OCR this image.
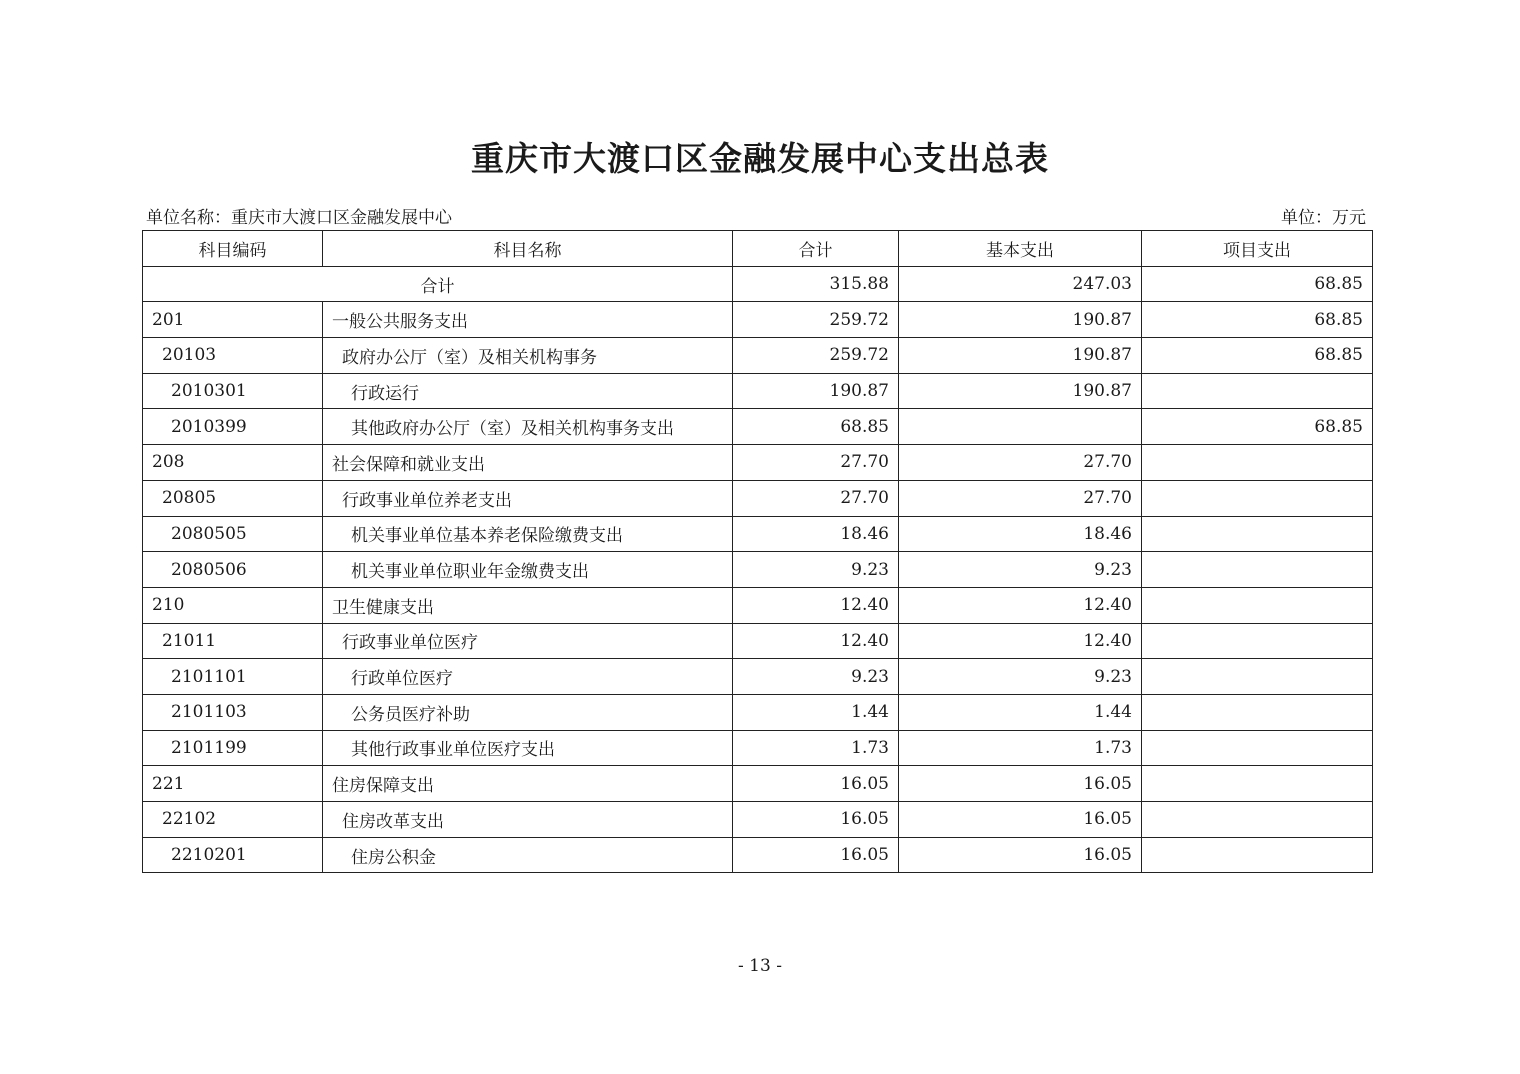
重庆市大渡口区金融发展中心支出总表
单位名称：重庆市大渡口区金融发展中心	单位：万元
科目编码	科目名称	合计	基本支出	项目支出
合计		315.88	247.03	68.85
201	一般公共服务支出	259.72	190.87	68.85
20103	政府办公厅（室）及相关机构事务	259.72	190.87	68.85
2010301	行政运行	190.87	190.87	
2010399	其他政府办公厅（室）及相关机构事务支出	68.85		68.85
208	社会保障和就业支出	27.70	27.70	
20805	行政事业单位养老支出	27.70	27.70	
2080505	机关事业单位基本养老保险缴费支出	18.46	18.46	
2080506	机关事业单位职业年金缴费支出	9.23	9.23	
210	卫生健康支出	12.40	12.40	
21011	行政事业单位医疗	12.40	12.40	
2101101	行政单位医疗	9.23	9.23	
2101103	公务员医疗补助	1.44	1.44	
2101199	其他行政事业单位医疗支出	1.73	1.73	
221	住房保障支出	16.05	16.05	
22102	住房改革支出	16.05	16.05	
2210201	住房公积金	16.05	16.05	
- 13 -
